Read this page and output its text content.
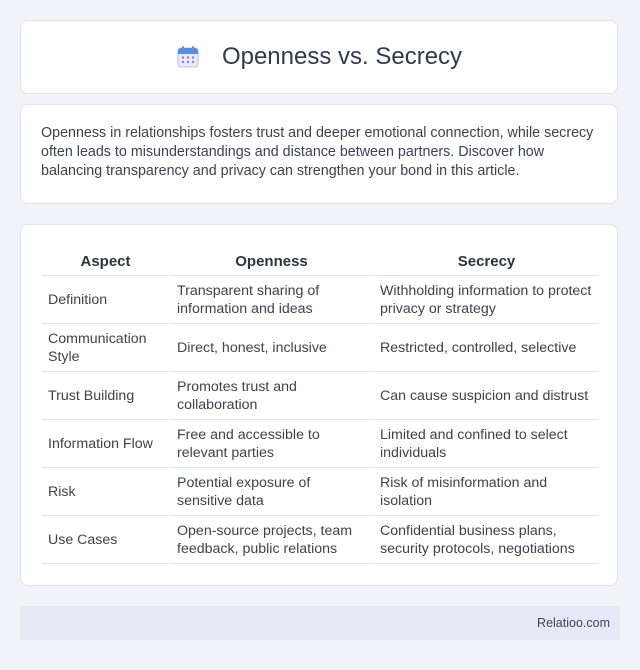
Openness vs. Secrecy

Openness in relationships fosters trust and deeper emotional connection, while secrecy often leads to misunderstandings and distance between partners. Discover how balancing transparency and privacy can strengthen your bond in this article.

Aspect	Openness	Secrecy
Definition	Transparent sharing of information and ideas	Withholding information to protect privacy or strategy
Communication Style	Direct, honest, inclusive	Restricted, controlled, selective
Trust Building	Promotes trust and collaboration	Can cause suspicion and distrust
Information Flow	Free and accessible to relevant parties	Limited and confined to select individuals
Risk	Potential exposure of sensitive data	Risk of misinformation and isolation
Use Cases	Open-source projects, team feedback, public relations	Confidential business plans, security protocols, negotiations
Relatioo.com
